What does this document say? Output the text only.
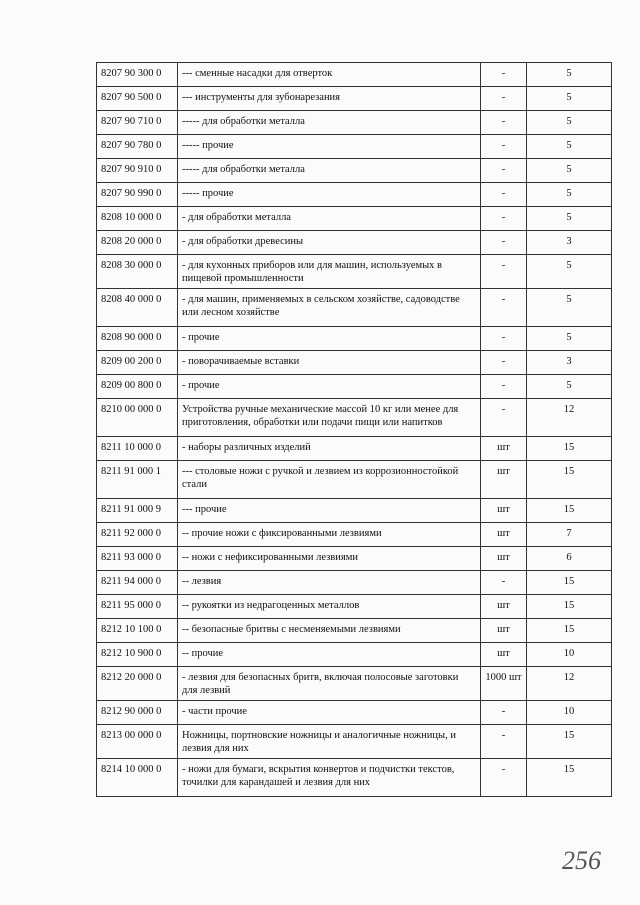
8207 90 300 0	--- сменные насадки для отверток	-	5
8207 90 500 0	--- инструменты для зубонарезания	-	5
8207 90 710 0	----- для обработки металла	-	5
8207 90 780 0	----- прочие	-	5
8207 90 910 0	----- для обработки металла	-	5
8207 90 990 0	----- прочие	-	5
8208 10 000 0	- для обработки металла	-	5
8208 20 000 0	- для обработки древесины	-	3
8208 30 000 0	- для кухонных приборов или для машин, используемых в пищевой промышленности	-	5
8208 40 000 0	- для машин, применяемых в сельском хозяйстве, садоводстве или лесном хозяйстве	-	5
8208 90 000 0	- прочие	-	5
8209 00 200 0	- поворачиваемые вставки	-	3
8209 00 800 0	- прочие	-	5
8210 00 000 0	Устройства ручные механические массой 10 кг или менее для приготовления, обработки или подачи пищи или напитков	-	12
8211 10 000 0	- наборы различных изделий	шт	15
8211 91 000 1	--- столовые ножи с ручкой и лезвием из коррозионностойкой стали	шт	15
8211 91 000 9	--- прочие	шт	15
8211 92 000 0	-- прочие ножи с фиксированными лезвиями	шт	7
8211 93 000 0	-- ножи с нефиксированными лезвиями	шт	6
8211 94 000 0	-- лезвия	-	15
8211 95 000 0	-- рукоятки из недрагоценных металлов	шт	15
8212 10 100 0	-- безопасные бритвы с несменяемыми лезвиями	шт	15
8212 10 900 0	-- прочие	шт	10
8212 20 000 0	- лезвия для безопасных бритв, включая полосовые заготовки для лезвий	1000 шт	12
8212 90 000 0	- части прочие	-	10
8213 00 000 0	Ножницы, портновские ножницы и аналогичные ножницы, и лезвия для них	-	15
8214 10 000 0	- ножи для бумаги, вскрытия конвертов и подчистки текстов, точилки для карандашей и лезвия для них	-	15
256
